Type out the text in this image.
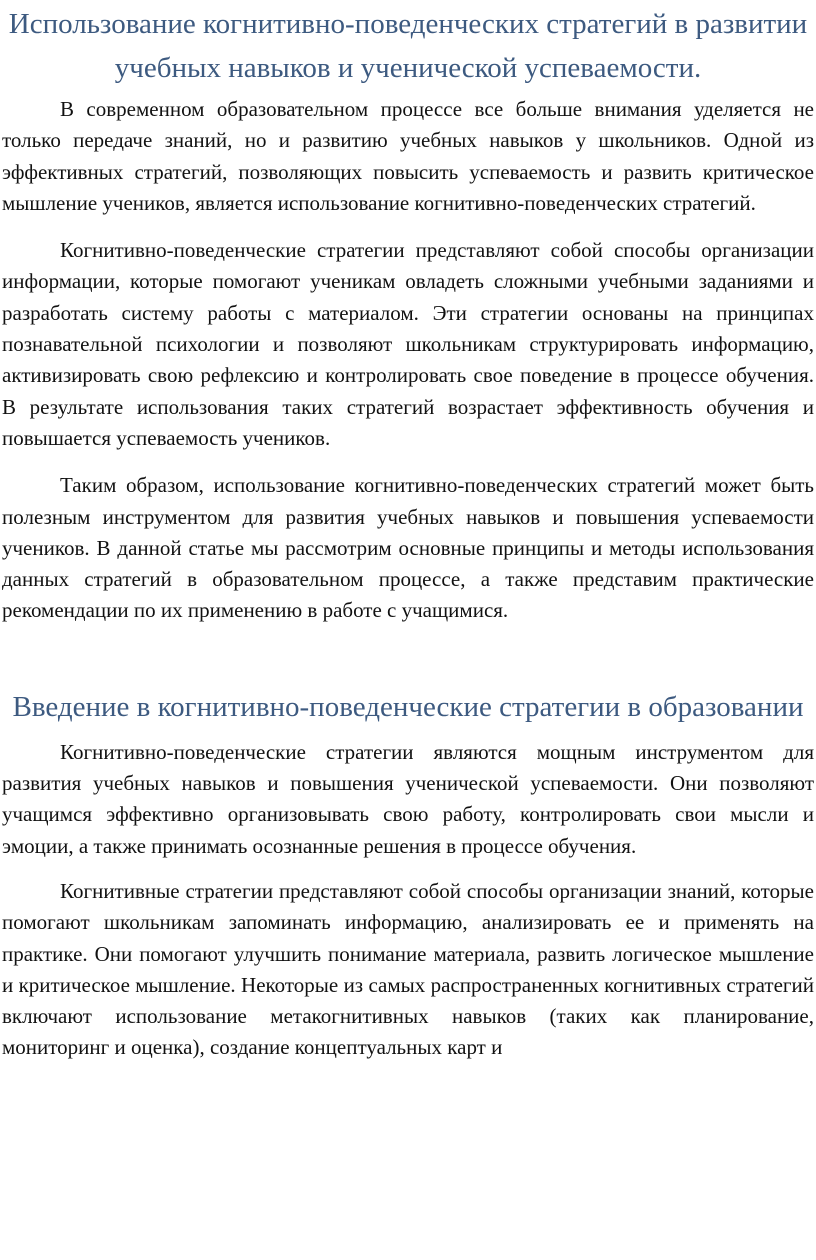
Использование когнитивно-поведенческих стратегий в развитии учебных навыков и ученической успеваемости.

В современном образовательном процессе все больше внимания уделяется не только передаче знаний, но и развитию учебных навыков у школьников. Одной из эффективных стратегий, позволяющих повысить успеваемость и развить критическое мышление учеников, является использование когнитивно-поведенческих стратегий.

Когнитивно-поведенческие стратегии представляют собой способы организации информации, которые помогают ученикам овладеть сложными учебными заданиями и разработать систему работы с материалом. Эти стратегии основаны на принципах познавательной психологии и позволяют школьникам структурировать информацию, активизировать свою рефлексию и контролировать свое поведение в процессе обучения. В результате использования таких стратегий возрастает эффективность обучения и повышается успеваемость учеников.

Таким образом, использование когнитивно-поведенческих стратегий может быть полезным инструментом для развития учебных навыков и повышения успеваемости учеников. В данной статье мы рассмотрим основные принципы и методы использования данных стратегий в образовательном процессе, а также представим практические рекомендации по их применению в работе с учащимися.

Введение в когнитивно-поведенческие стратегии в образовании

Когнитивно-поведенческие стратегии являются мощным инструментом для развития учебных навыков и повышения ученической успеваемости. Они позволяют учащимся эффективно организовывать свою работу, контролировать свои мысли и эмоции, а также принимать осознанные решения в процессе обучения.

Когнитивные стратегии представляют собой способы организации знаний, которые помогают школьникам запоминать информацию, анализировать ее и применять на практике. Они помогают улучшить понимание материала, развить логическое мышление и критическое мышление. Некоторые из самых распространенных когнитивных стратегий включают использование метакогнитивных навыков (таких как планирование, мониторинг и оценка), создание концептуальных карт и
